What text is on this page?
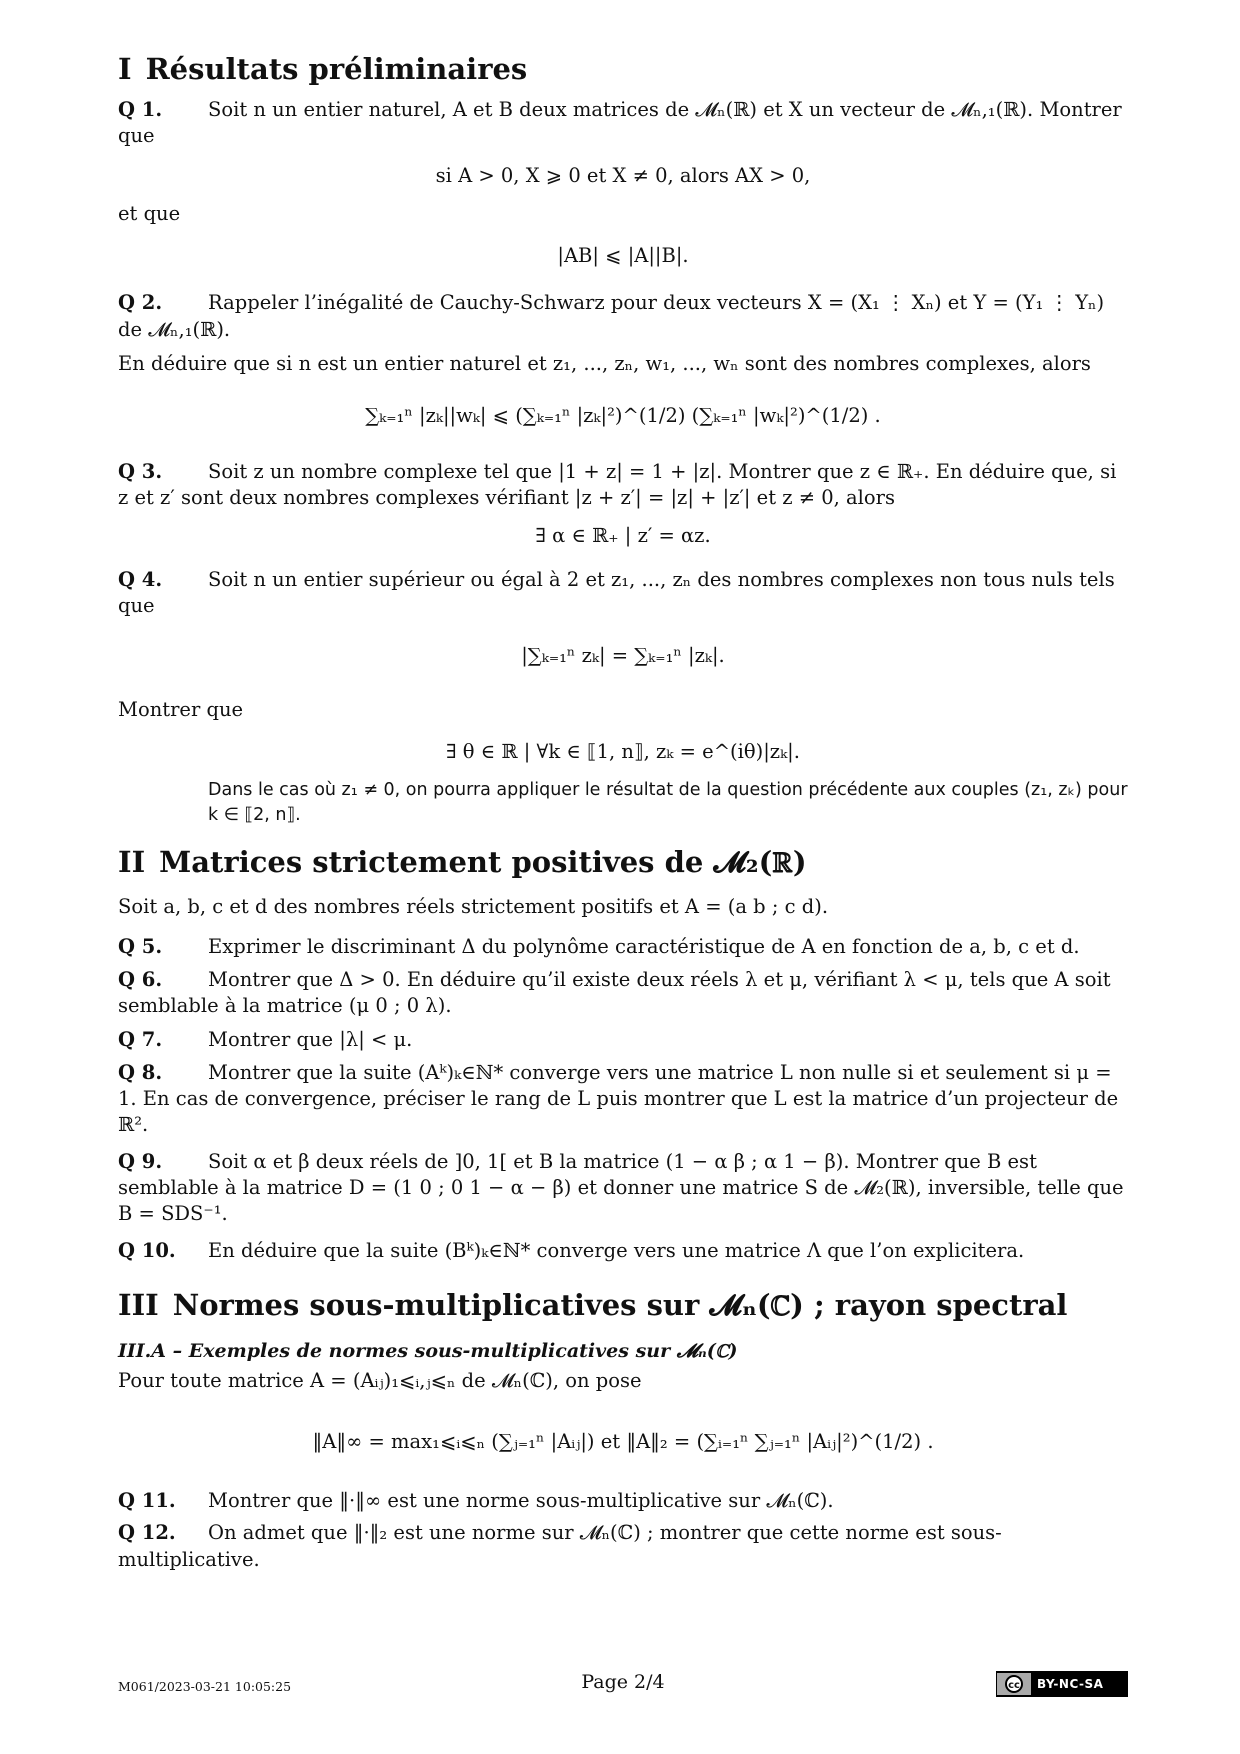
I Résultats préliminaires

Q 1. Soit n un entier naturel, A et B deux matrices de 𝓜ₙ(ℝ) et X un vecteur de 𝓜ₙ,₁(ℝ). Montrer que

si A > 0, X ⩾ 0 et X ≠ 0, alors AX > 0,

et que

|AB| ⩽ |A||B|.

Q 2. Rappeler l’inégalité de Cauchy-Schwarz pour deux vecteurs X = (X₁ ⋮ Xₙ) et Y = (Y₁ ⋮ Yₙ) de 𝓜ₙ,₁(ℝ).

En déduire que si n est un entier naturel et z₁, ..., zₙ, w₁, ..., wₙ sont des nombres complexes, alors

∑ₖ₌₁ⁿ |zₖ||wₖ| ⩽ (∑ₖ₌₁ⁿ |zₖ|²)^(1/2) (∑ₖ₌₁ⁿ |wₖ|²)^(1/2) .

Q 3. Soit z un nombre complexe tel que |1 + z| = 1 + |z|. Montrer que z ∈ ℝ₊. En déduire que, si z et z′ sont deux nombres complexes vérifiant |z + z′| = |z| + |z′| et z ≠ 0, alors

∃ α ∈ ℝ₊ | z′ = αz.

Q 4. Soit n un entier supérieur ou égal à 2 et z₁, ..., zₙ des nombres complexes non tous nuls tels que

|∑ₖ₌₁ⁿ zₖ| = ∑ₖ₌₁ⁿ |zₖ|.

Montrer que

∃ θ ∈ ℝ | ∀k ∈ ⟦1, n⟧, zₖ = e^(iθ)|zₖ|.

Dans le cas où z₁ ≠ 0, on pourra appliquer le résultat de la question précédente aux couples (z₁, zₖ) pour k ∈ ⟦2, n⟧.

II Matrices strictement positives de 𝓜₂(ℝ)

Soit a, b, c et d des nombres réels strictement positifs et A = (a b ; c d).

Q 5. Exprimer le discriminant Δ du polynôme caractéristique de A en fonction de a, b, c et d.

Q 6. Montrer que Δ > 0. En déduire qu’il existe deux réels λ et μ, vérifiant λ < μ, tels que A soit semblable à la matrice (μ 0 ; 0 λ).

Q 7. Montrer que |λ| < μ.

Q 8. Montrer que la suite (Aᵏ)ₖ∈ℕ* converge vers une matrice L non nulle si et seulement si μ = 1. En cas de convergence, préciser le rang de L puis montrer que L est la matrice d’un projecteur de ℝ².

Q 9. Soit α et β deux réels de ]0, 1[ et B la matrice (1 − α β ; α 1 − β). Montrer que B est semblable à la matrice D = (1 0 ; 0 1 − α − β) et donner une matrice S de 𝓜₂(ℝ), inversible, telle que B = SDS⁻¹.

Q 10. En déduire que la suite (Bᵏ)ₖ∈ℕ* converge vers une matrice Λ que l’on explicitera.

III Normes sous-multiplicatives sur 𝓜ₙ(ℂ) ; rayon spectral

III.A – Exemples de normes sous-multiplicatives sur 𝓜ₙ(ℂ)

Pour toute matrice A = (Aᵢⱼ)₁⩽ᵢ,ⱼ⩽ₙ de 𝓜ₙ(ℂ), on pose

‖A‖∞ = max₁⩽ᵢ⩽ₙ (∑ⱼ₌₁ⁿ |Aᵢⱼ|) et ‖A‖₂ = (∑ᵢ₌₁ⁿ ∑ⱼ₌₁ⁿ |Aᵢⱼ|²)^(1/2) .

Q 11. Montrer que ‖·‖∞ est une norme sous-multiplicative sur 𝓜ₙ(ℂ).

Q 12. On admet que ‖·‖₂ est une norme sur 𝓜ₙ(ℂ) ; montrer que cette norme est sous-multiplicative.

M061/2023-03-21 10:05:25	Page 2/4	cc	BY-NC-SA
